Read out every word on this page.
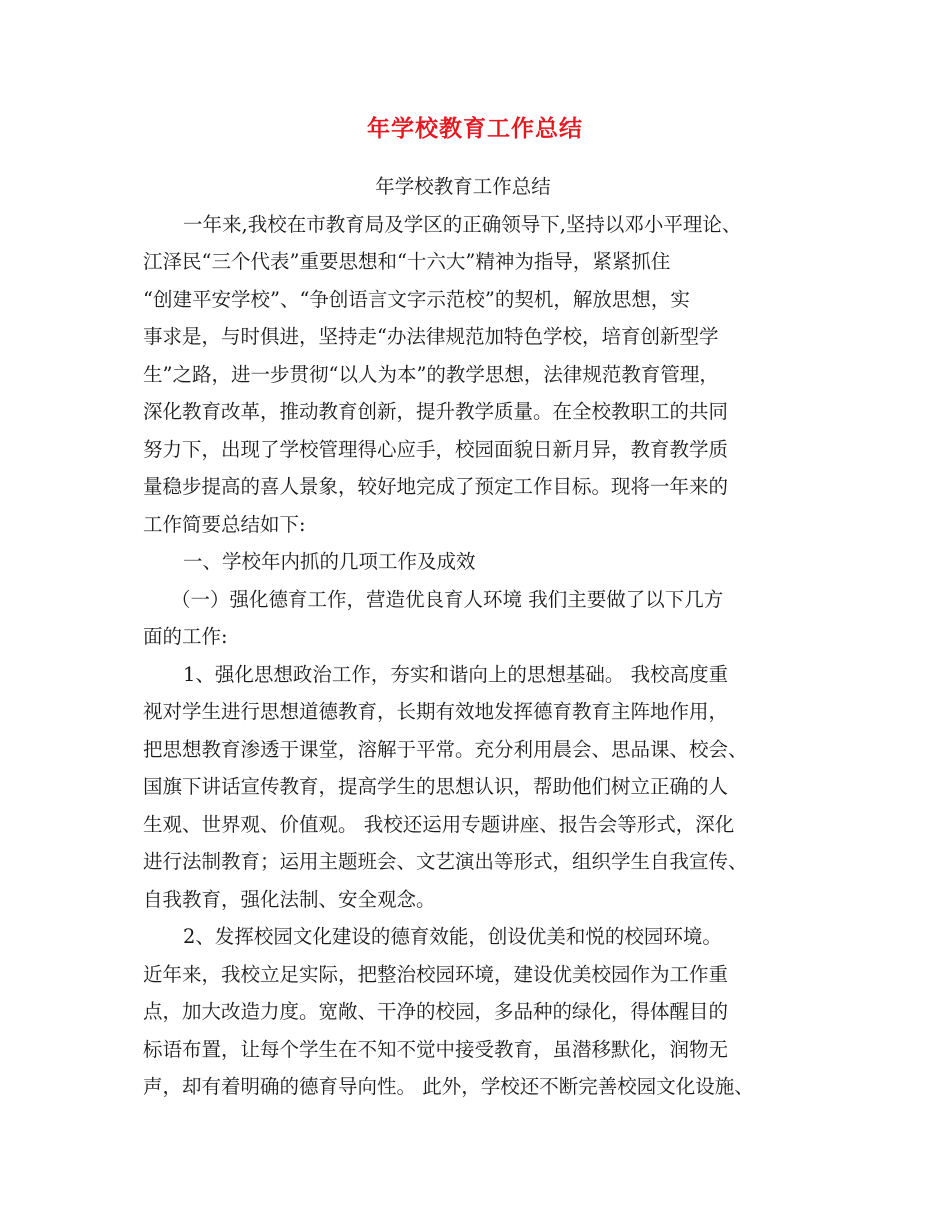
年学校教育工作总结
年学校教育工作总结
一年来,我校在市教育局及学区的正确领导下,坚持以邓小平理论、
江泽民“三个代表”重要思想和“十六大”精神为指导，紧紧抓住
“创建平安学校”、“争创语言文字示范校”的契机，解放思想，实
事求是，与时俱进，坚持走“办法律规范加特色学校，培育创新型学
生”之路，进一步贯彻“以人为本”的教学思想，法律规范教育管理，
深化教育改革，推动教育创新，提升教学质量。在全校教职工的共同
努力下，出现了学校管理得心应手，校园面貌日新月异，教育教学质
量稳步提高的喜人景象，较好地完成了预定工作目标。现将一年来的
工作简要总结如下:
一、学校年内抓的几项工作及成效
（一）强化德育工作，营造优良育人环境 我们主要做了以下几方
面的工作:
1、强化思想政治工作，夯实和谐向上的思想基础。 我校高度重
视对学生进行思想道德教育，长期有效地发挥德育教育主阵地作用，
把思想教育渗透于课堂，溶解于平常。充分利用晨会、思品课、校会、
国旗下讲话宣传教育，提高学生的思想认识，帮助他们树立正确的人
生观、世界观、价值观。 我校还运用专题讲座、报告会等形式，深化
进行法制教育；运用主题班会、文艺演出等形式，组织学生自我宣传、
自我教育，强化法制、安全观念。
2、发挥校园文化建设的德育效能，创设优美和悦的校园环境。
近年来，我校立足实际，把整治校园环境，建设优美校园作为工作重
点，加大改造力度。宽敞、干净的校园，多品种的绿化，得体醒目的
标语布置，让每个学生在不知不觉中接受教育，虽潜移默化，润物无
声，却有着明确的德育导向性。 此外，学校还不断完善校园文化设施、
